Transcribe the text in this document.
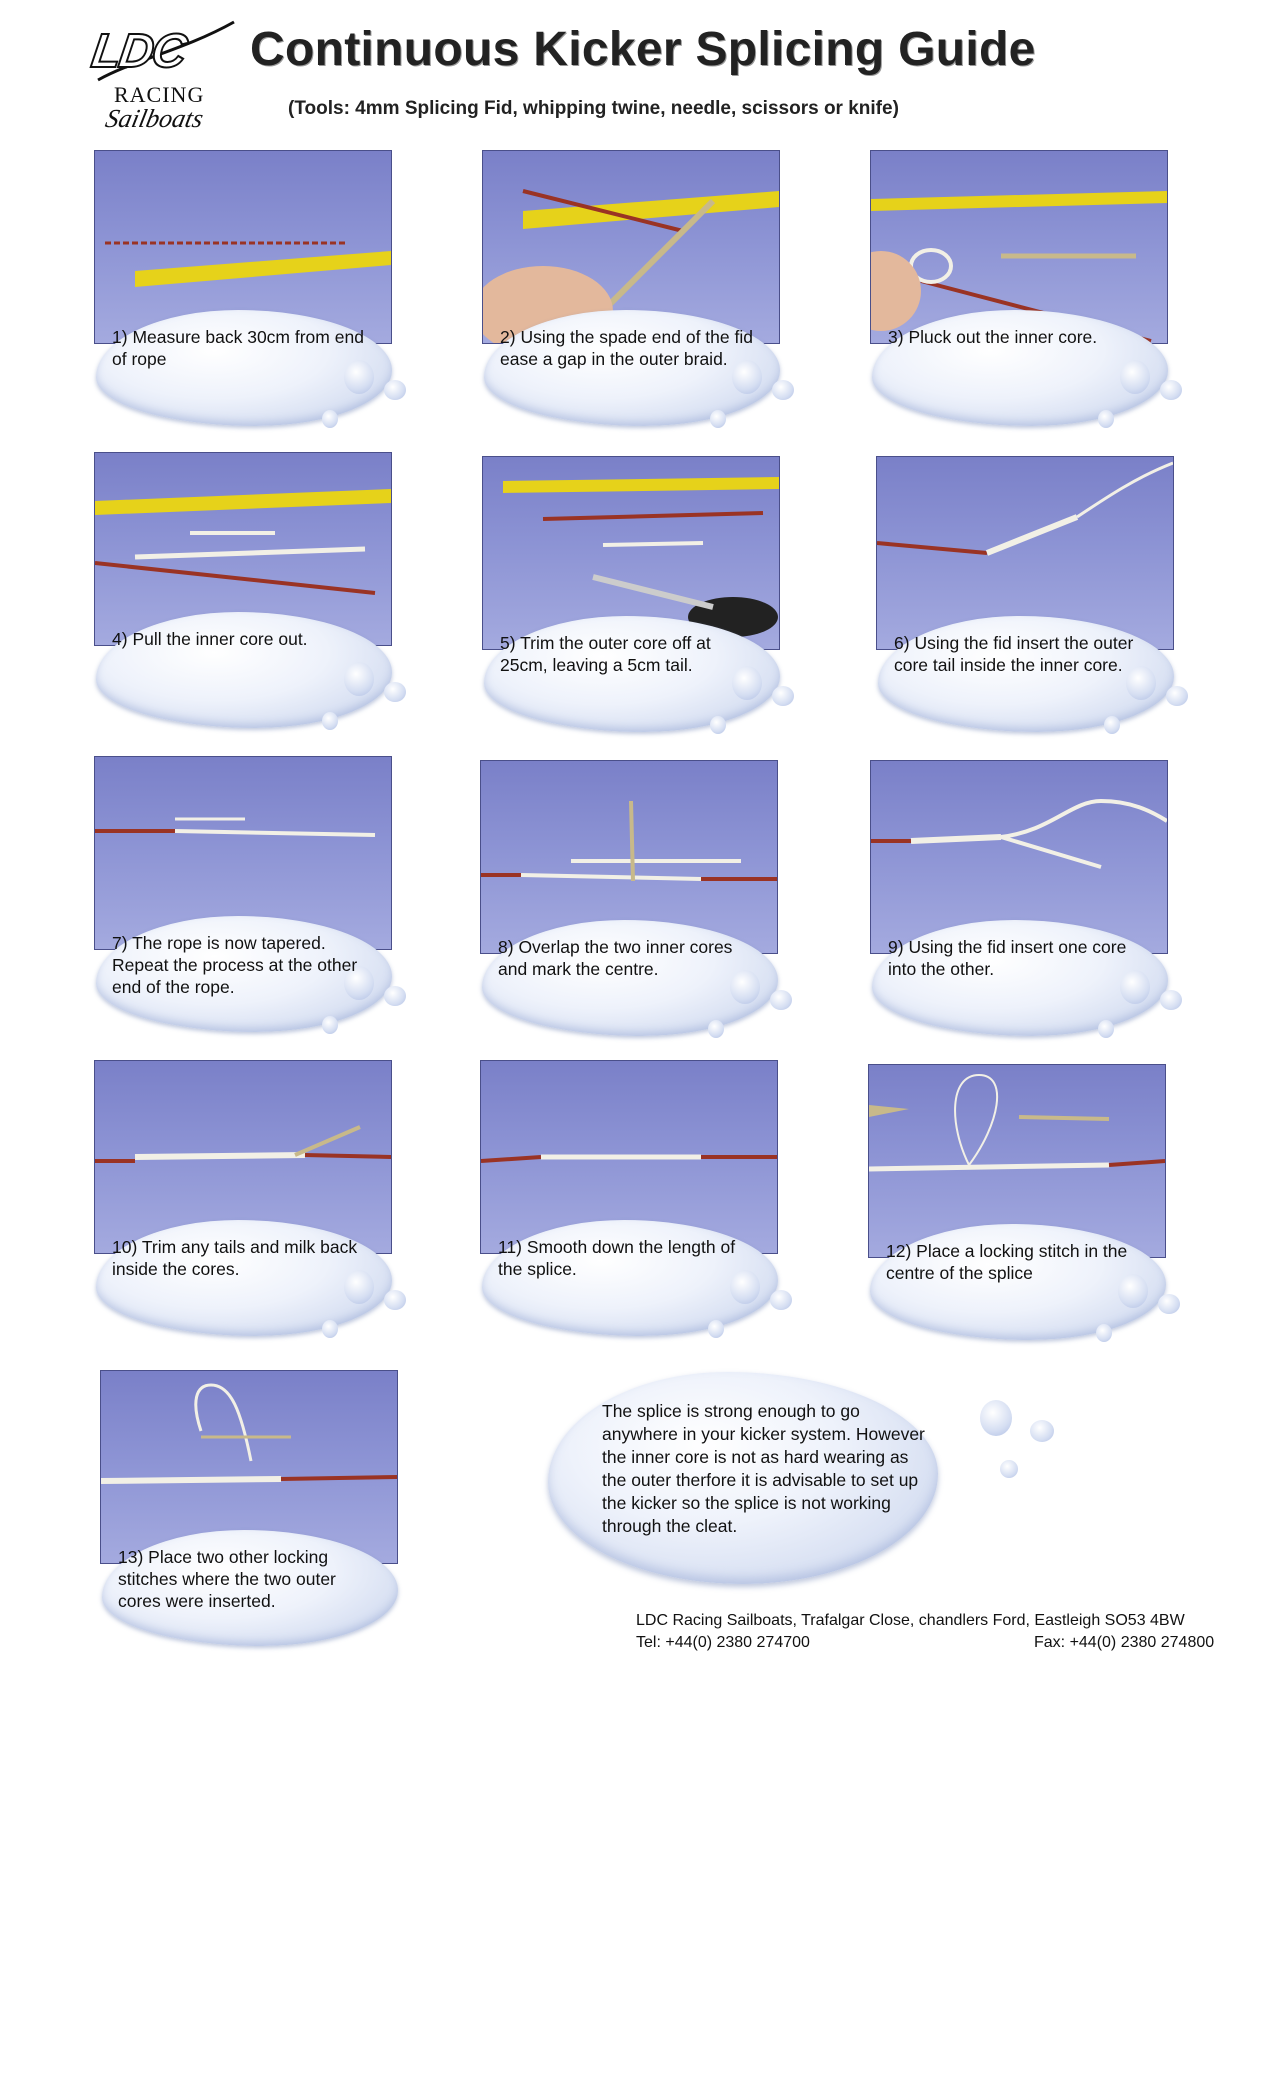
LDC
RACING
Sailboats
Continuous Kicker Splicing Guide
(Tools: 4mm Splicing Fid, whipping twine, needle, scissors or knife)
1) Measure back 30cm from end of rope
2) Using the spade end of the fid ease a gap in the outer braid.
3) Pluck out the inner core.
4) Pull the inner core out.	5) Trim the outer core off at 25cm, leaving a 5cm tail.
6) Using the fid insert the outer core tail inside the inner core.
7) The rope is now tapered. Repeat the process at the other end of the rope.
8) Overlap the two inner cores and mark the centre.
9) Using the fid insert one core into the other.
10) Trim any tails and milk back inside the cores.
11) Smooth down the length of the splice.
12) Place a locking stitch in the centre of the splice
13) Place two other locking stitches where the two outer cores were inserted.
The splice is strong enough to go anywhere in your kicker system. However the inner core is not as hard wearing as the outer therfore it is advisable to set up the kicker so the splice is not working through the cleat.
LDC Racing Sailboats, Trafalgar Close, chandlers Ford, Eastleigh SO53 4BW
Tel: +44(0) 2380 274700	Fax: +44(0) 2380 274800
